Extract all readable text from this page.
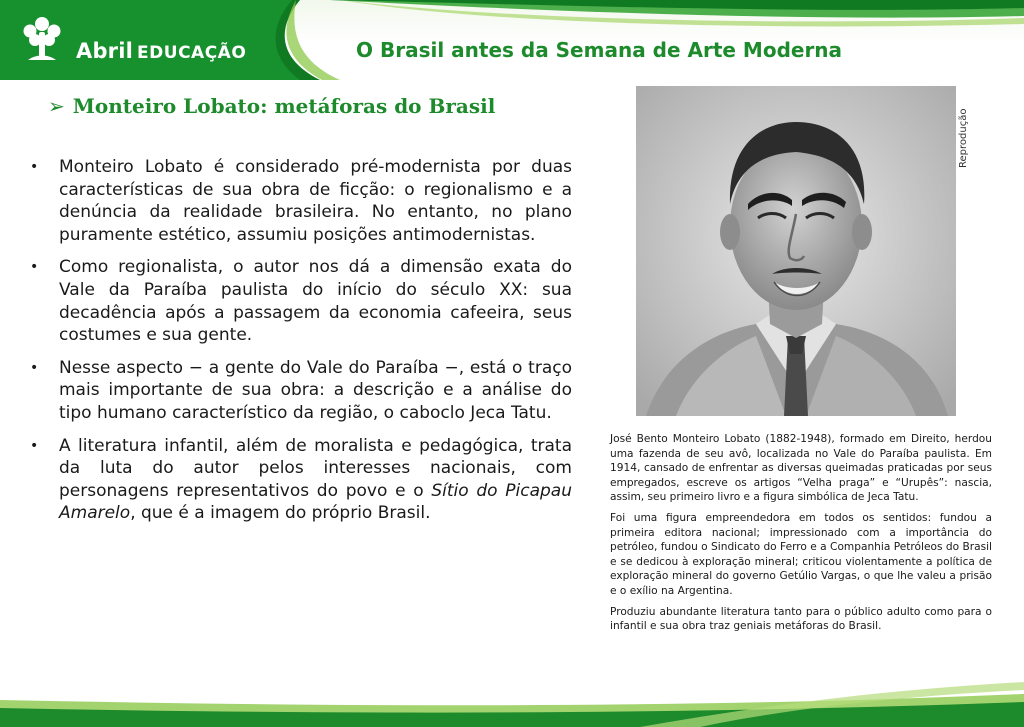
Abril EDUCAÇÃO	O Brasil antes da Semana de Arte Moderna
➢ Monteiro Lobato: metáforas do Brasil
• Monteiro Lobato é considerado pré-modernista por duas características de sua obra de ficção: o regionalismo e a denúncia da realidade brasileira. No entanto, no plano puramente estético, assumiu posições antimodernistas.
• Como regionalista, o autor nos dá a dimensão exata do Vale da Paraíba paulista do início do século XX: sua decadência após a passagem da economia cafeeira, seus costumes e sua gente.
• Nesse aspecto − a gente do Vale do Paraíba −, está o traço mais importante de sua obra: a descrição e a análise do tipo humano característico da região, o caboclo Jeca Tatu.
• A literatura infantil, além de moralista e pedagógica, trata da luta do autor pelos interesses nacionais, com personagens representativos do povo e o Sítio do Picapau Amarelo, que é a imagem do próprio Brasil.
Reprodução

José Bento Monteiro Lobato (1882-1948), formado em Direito, herdou uma fazenda de seu avô, localizada no Vale do Paraíba paulista. Em 1914, cansado de enfrentar as diversas queimadas praticadas por seus empregados, escreve os artigos “Velha praga” e “Urupês”: nascia, assim, seu primeiro livro e a figura simbólica de Jeca Tatu.

Foi uma figura empreendedora em todos os sentidos: fundou a primeira editora nacional; impressionado com a importância do petróleo, fundou o Sindicato do Ferro e a Companhia Petróleos do Brasil e se dedicou à exploração mineral; criticou violentamente a política de exploração mineral do governo Getúlio Vargas, o que lhe valeu a prisão e o exílio na Argentina.

Produziu abundante literatura tanto para o público adulto como para o infantil e sua obra traz geniais metáforas do Brasil.
